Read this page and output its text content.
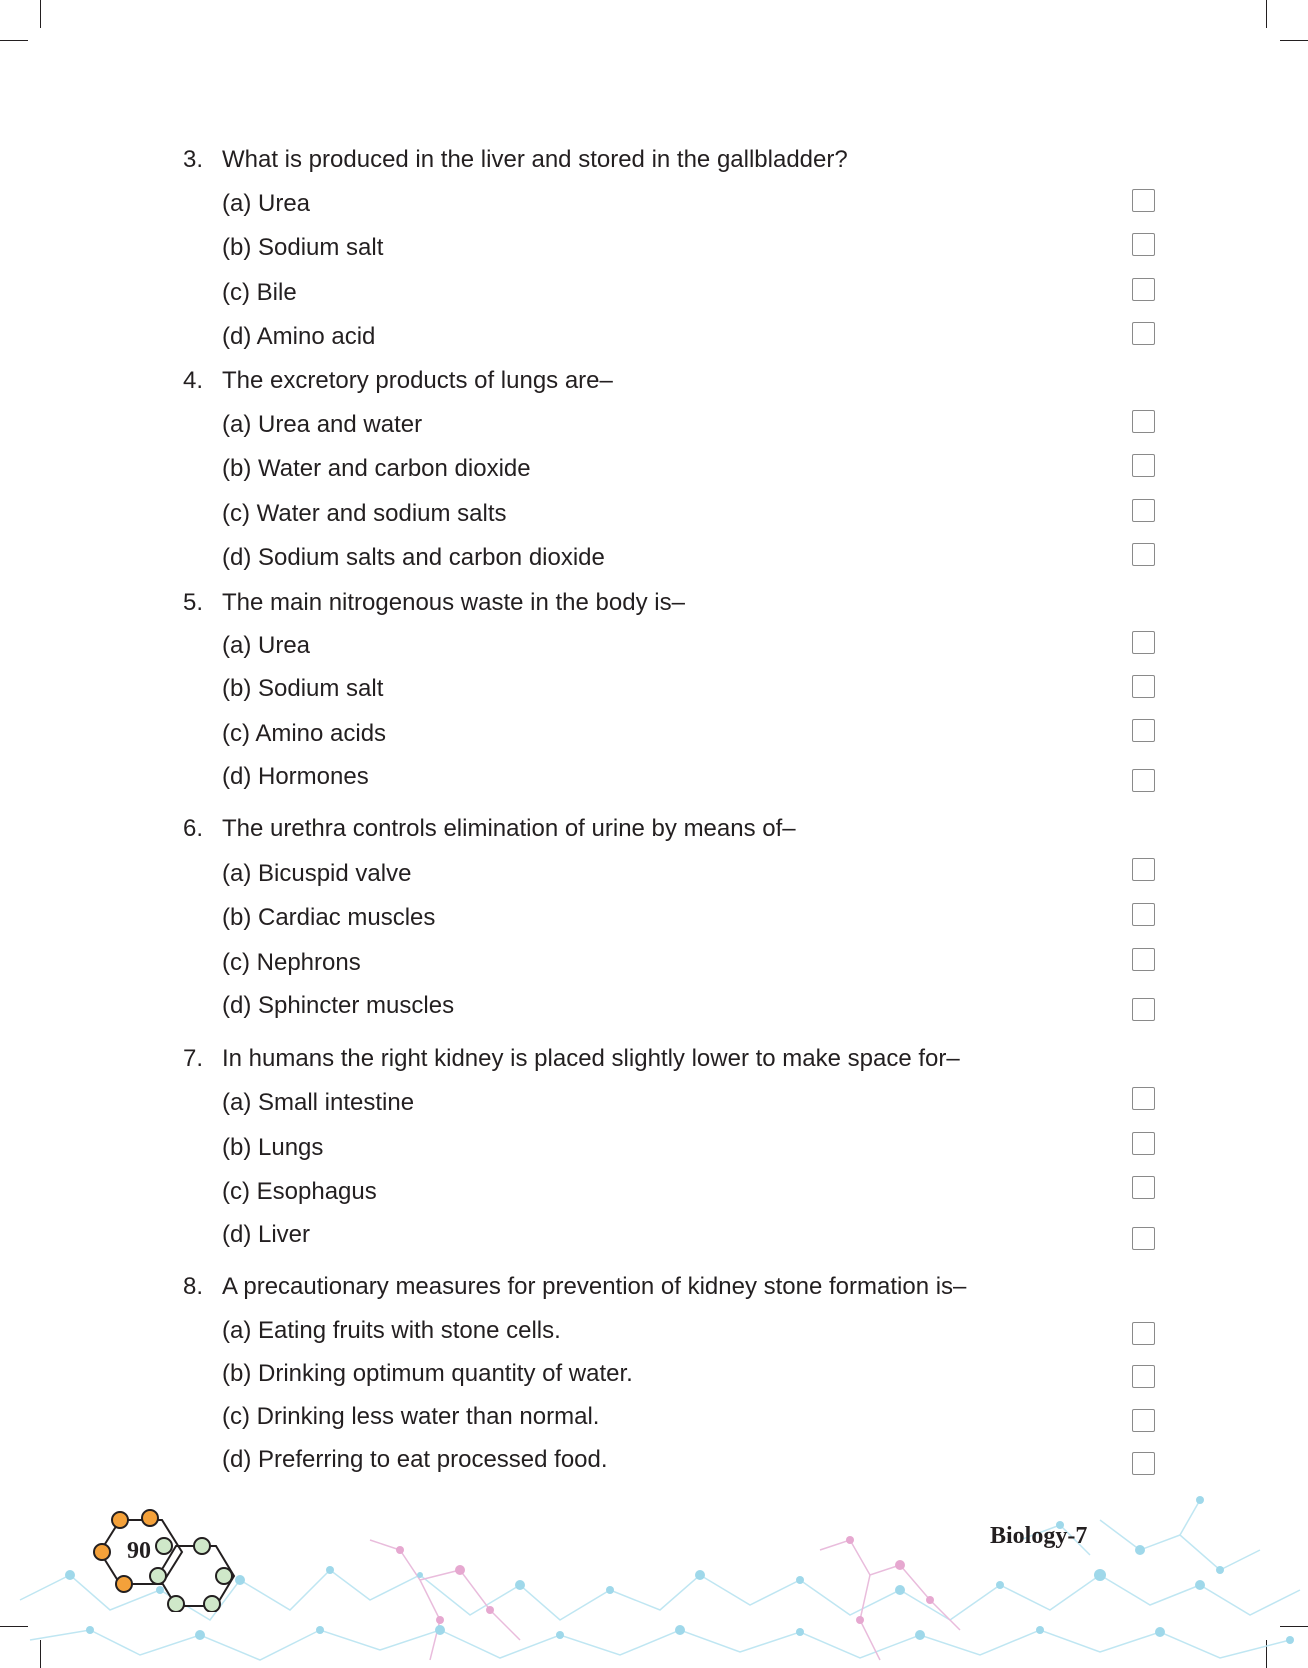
90
Biology-7
3. What is produced in the liver and stored in the gallbladder?
(a) Urea
(b) Sodium salt
(c) Bile
(d) Amino acid
4. The excretory products of lungs are–
(a) Urea and water
(b) Water and carbon dioxide
(c) Water and sodium salts
(d) Sodium salts and carbon dioxide
5. The main nitrogenous waste in the body is–
(a) Urea
(b) Sodium salt
(c) Amino acids
(d) Hormones
6. The urethra controls elimination of urine by means of–
(a) Bicuspid valve
(b) Cardiac muscles
(c) Nephrons
(d) Sphincter muscles
7. In humans the right kidney is placed slightly lower to make space for–
(a) Small intestine
(b) Lungs
(c) Esophagus
(d) Liver
8. A precautionary measures for prevention of kidney stone formation is–
(a) Eating fruits with stone cells.
(b) Drinking optimum quantity of water.
(c) Drinking less water than normal.
(d) Preferring to eat processed food.
